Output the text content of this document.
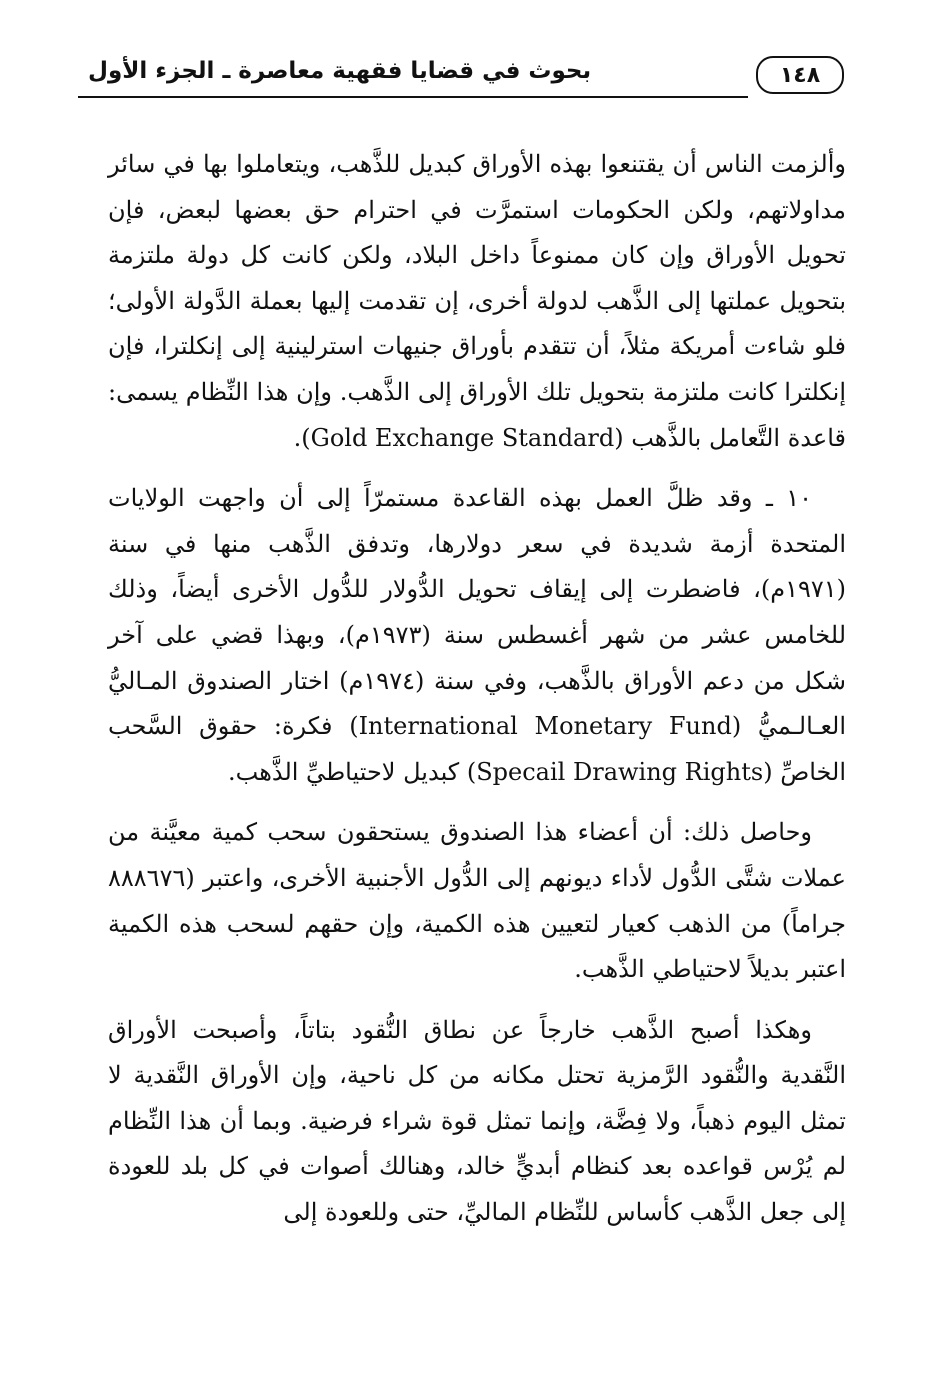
١٤٨
بحوث في قضايا فقهية معاصرة ـ الجزء الأول

وألزمت الناس أن يقتنعوا بهذه الأوراق كبديل للذَّهب، ويتعاملوا بها في سائر مداولاتهم، ولكن الحكومات استمرَّت في احترام حق بعضها لبعض، فإن تحويل الأوراق وإن كان ممنوعاً داخل البلاد، ولكن كانت كل دولة ملتزمة بتحويل عملتها إلى الذَّهب لدولة أخرى، إن تقدمت إليها بعملة الدَّولة الأولى؛ فلو شاءت أمريكة مثلاً، أن تتقدم بأوراق جنيهات استرلينية إلى إنكلترا، فإن إنكلترا كانت ملتزمة بتحويل تلك الأوراق إلى الذَّهب. وإن هذا النِّظام يسمى: قاعدة التَّعامل بالذَّهب (Gold Exchange Standard).

١٠ ـ وقد ظلَّ العمل بهذه القاعدة مستمرّاً إلى أن واجهت الولايات المتحدة أزمة شديدة في سعر دولارها، وتدفق الذَّهب منها في سنة (١٩٧١م)، فاضطرت إلى إيقاف تحويل الدُّولار للدُّول الأخرى أيضاً، وذلك للخامس عشر من شهر أغسطس سنة (١٩٧٣م)، وبهذا قضي على آخر شكل من دعم الأوراق بالذَّهب، وفي سنة (١٩٧٤م) اختار الصندوق المـاليُّ العـالـميُّ (International Monetary Fund) فكرة: حقوق السَّحب الخاصِّ (Specail Drawing Rights) كبديل لاحتياطيِّ الذَّهب.

وحاصل ذلك: أن أعضاء هذا الصندوق يستحقون سحب كمية معيَّنة من عملات شتَّى الدُّول لأداء ديونهم إلى الدُّول الأجنبية الأخرى، واعتبر (٨٨٨٦٧٦ جراماً) من الذهب كعيار لتعيين هذه الكمية، وإن حقهم لسحب هذه الكمية اعتبر بديلاً لاحتياطي الذَّهب.

وهكذا أصبح الذَّهب خارجاً عن نطاق النُّقود بتاتاً، وأصبحت الأوراق النَّقدية والنُّقود الرَّمزية تحتل مكانه من كل ناحية، وإن الأوراق النَّقدية لا تمثل اليوم ذهباً، ولا فِضَّة، وإنما تمثل قوة شراء فرضية. وبما أن هذا النِّظام لم يُرْس قواعده بعد كنظام أبديٍّ خالد، وهنالك أصوات في كل بلد للعودة إلى جعل الذَّهب كأساس للنِّظام الماليِّ، حتى وللعودة إلى
